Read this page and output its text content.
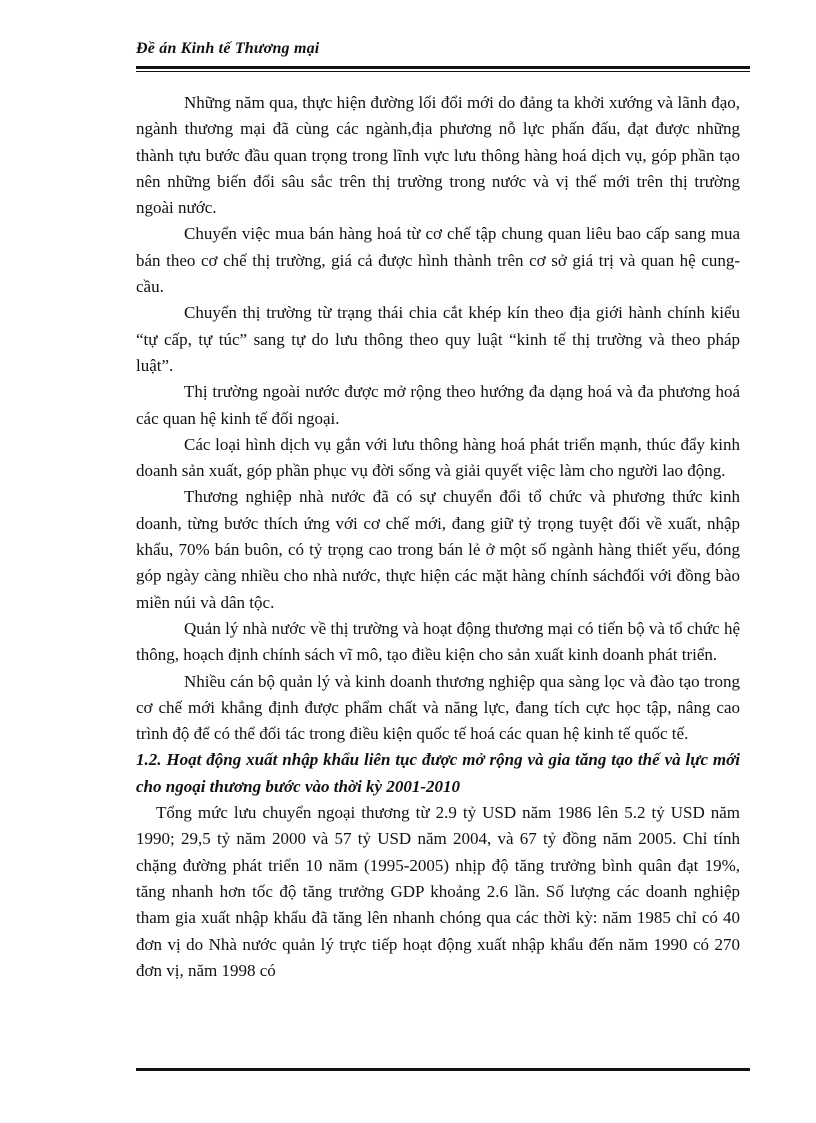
Đề án Kinh tế Thương mại

Những năm qua, thực hiện đường lối đổi mới do đảng ta khởi xướng và lãnh đạo, ngành thương mại đã cùng các ngành,địa phương nỗ lực phấn đấu, đạt được những thành tựu bước đầu quan trọng trong lĩnh vực lưu thông hàng hoá dịch vụ, góp phần tạo nên những biến đổi sâu sắc trên thị trường trong nước và vị thế mới trên thị trường ngoài nước.

Chuyển việc mua bán hàng hoá từ cơ chế tập chung quan liêu bao cấp sang mua bán theo cơ chế thị trường, giá cả được hình thành trên cơ sở giá trị và quan hệ cung-cầu.

Chuyển thị trường từ trạng thái chia cắt khép kín theo địa giới hành chính kiểu “tự cấp, tự túc” sang tự do lưu thông theo quy luật “kinh tế thị trường và theo pháp luật”.

Thị trường ngoài nước được mở rộng theo hướng đa dạng hoá và đa phương hoá các quan hệ kinh tế đối ngoại.

Các loại hình dịch vụ gắn với lưu thông hàng hoá phát triển mạnh, thúc đẩy kinh doanh sản xuất, góp phần phục vụ đời sống và giải quyết việc làm cho người lao động.

Thương nghiệp nhà nước đã có sự chuyển đổi tổ chức và phương thức kinh doanh, từng bước thích ứng với cơ chế mới, đang giữ tỷ trọng tuyệt đối về xuất, nhập khẩu, 70% bán buôn, có tỷ trọng cao trong bán lẻ ở một số ngành hàng thiết yếu, đóng góp ngày càng nhiều cho nhà nước, thực hiện các mặt hàng chính sáchđối với đồng bào miền núi và dân tộc.

Quản lý nhà nước về thị trường và hoạt động thương mại có tiến bộ và tổ chức hệ thông, hoạch định chính sách vĩ mô, tạo điều kiện cho sản xuất kinh doanh phát triển.

Nhiều cán bộ quản lý và kinh doanh thương nghiệp qua sàng lọc và đào tạo trong cơ chế mới khẳng định được phẩm chất và năng lực, đang tích cực học tập, nâng cao trình độ để có thể đối tác trong điều kiện quốc tế hoá các quan hệ kinh tế quốc tế.

1.2. Hoạt động xuất nhập khẩu liên tục được mở rộng và gia tăng tạo thế và lực mới cho ngoại thương bước vào thời kỳ 2001-2010

Tổng mức lưu chuyển ngoại thương từ 2.9 tỷ USD năm 1986 lên 5.2 tỷ USD năm 1990; 29,5 tỷ năm 2000 và 57 tỷ USD năm 2004, và 67 tỷ đồng năm 2005. Chỉ tính chặng đường phát triển 10 năm (1995-2005) nhịp độ tăng trưởng bình quân đạt 19%, tăng nhanh hơn tốc độ tăng trưởng GDP khoảng 2.6 lần. Số lượng các doanh nghiệp tham gia xuất nhập khẩu đã tăng lên nhanh chóng qua các thời kỳ: năm 1985 chỉ có 40 đơn vị do Nhà nước quản lý trực tiếp hoạt động xuất nhập khẩu đến năm 1990 có 270 đơn vị, năm 1998 có
